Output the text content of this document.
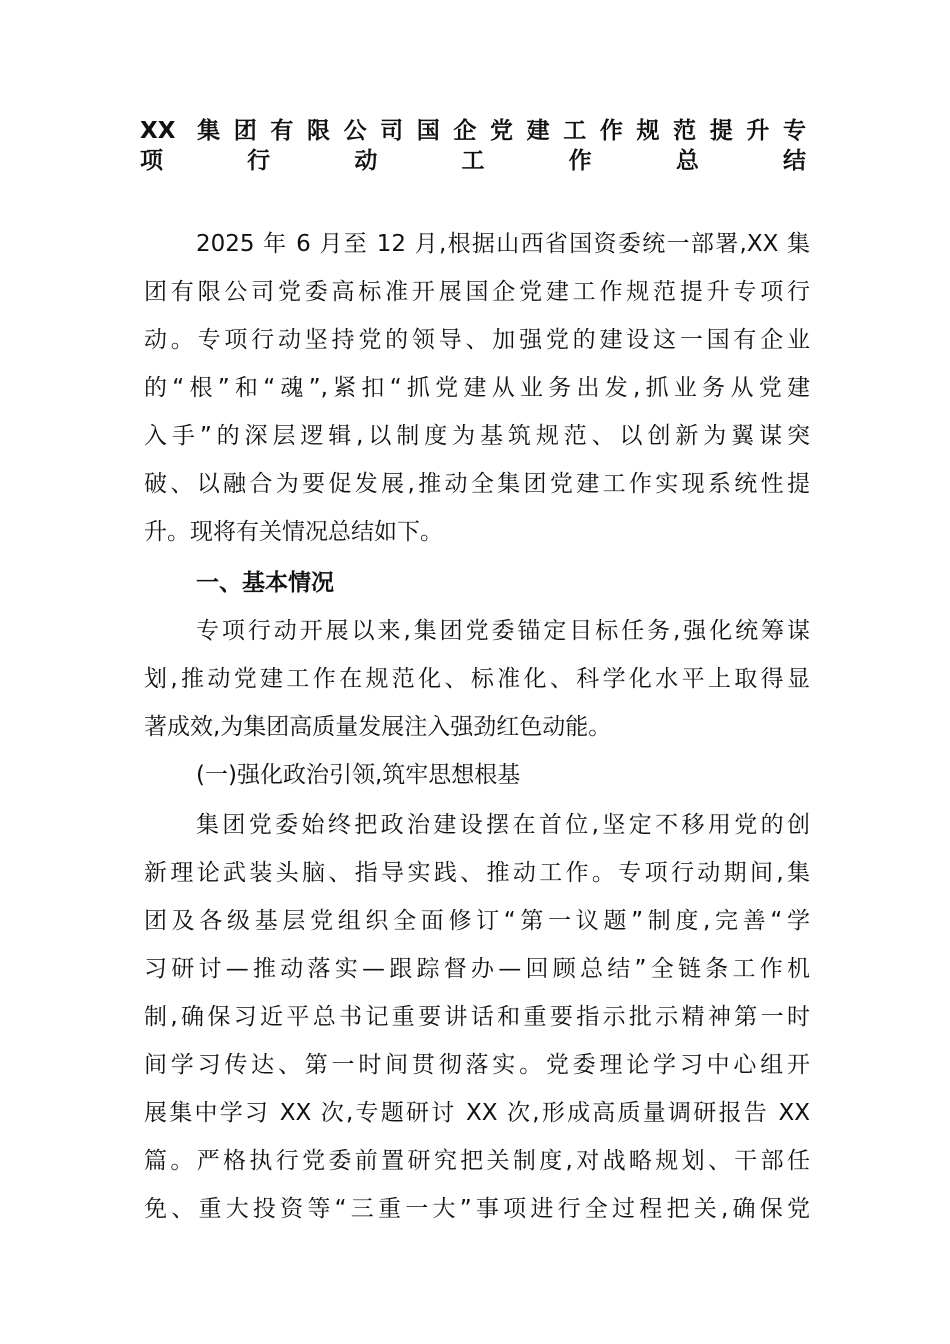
XX 集团有限公司国企党建工作规范提升专
项行动工作总结
2025 年 6 月至 12 月,根据山西省国资委统一部署,XX 集
团有限公司党委高标准开展国企党建工作规范提升专项行
动。专项行动坚持党的领导、加强党的建设这一国有企业
的“根”和“魂”,紧扣“抓党建从业务出发,抓业务从党建
入手”的深层逻辑,以制度为基筑规范、以创新为翼谋突
破、以融合为要促发展,推动全集团党建工作实现系统性提
升。现将有关情况总结如下。
一、基本情况
专项行动开展以来,集团党委锚定目标任务,强化统筹谋
划,推动党建工作在规范化、标准化、科学化水平上取得显
著成效,为集团高质量发展注入强劲红色动能。
(一)强化政治引领,筑牢思想根基
集团党委始终把政治建设摆在首位,坚定不移用党的创
新理论武装头脑、指导实践、推动工作。专项行动期间,集
团及各级基层党组织全面修订“第一议题”制度,完善“学
习研讨—推动落实—跟踪督办—回顾总结”全链条工作机
制,确保习近平总书记重要讲话和重要指示批示精神第一时
间学习传达、第一时间贯彻落实。党委理论学习中心组开
展集中学习 XX 次,专题研讨 XX 次,形成高质量调研报告 XX
篇。严格执行党委前置研究把关制度,对战略规划、干部任
免、重大投资等“三重一大”事项进行全过程把关,确保党
